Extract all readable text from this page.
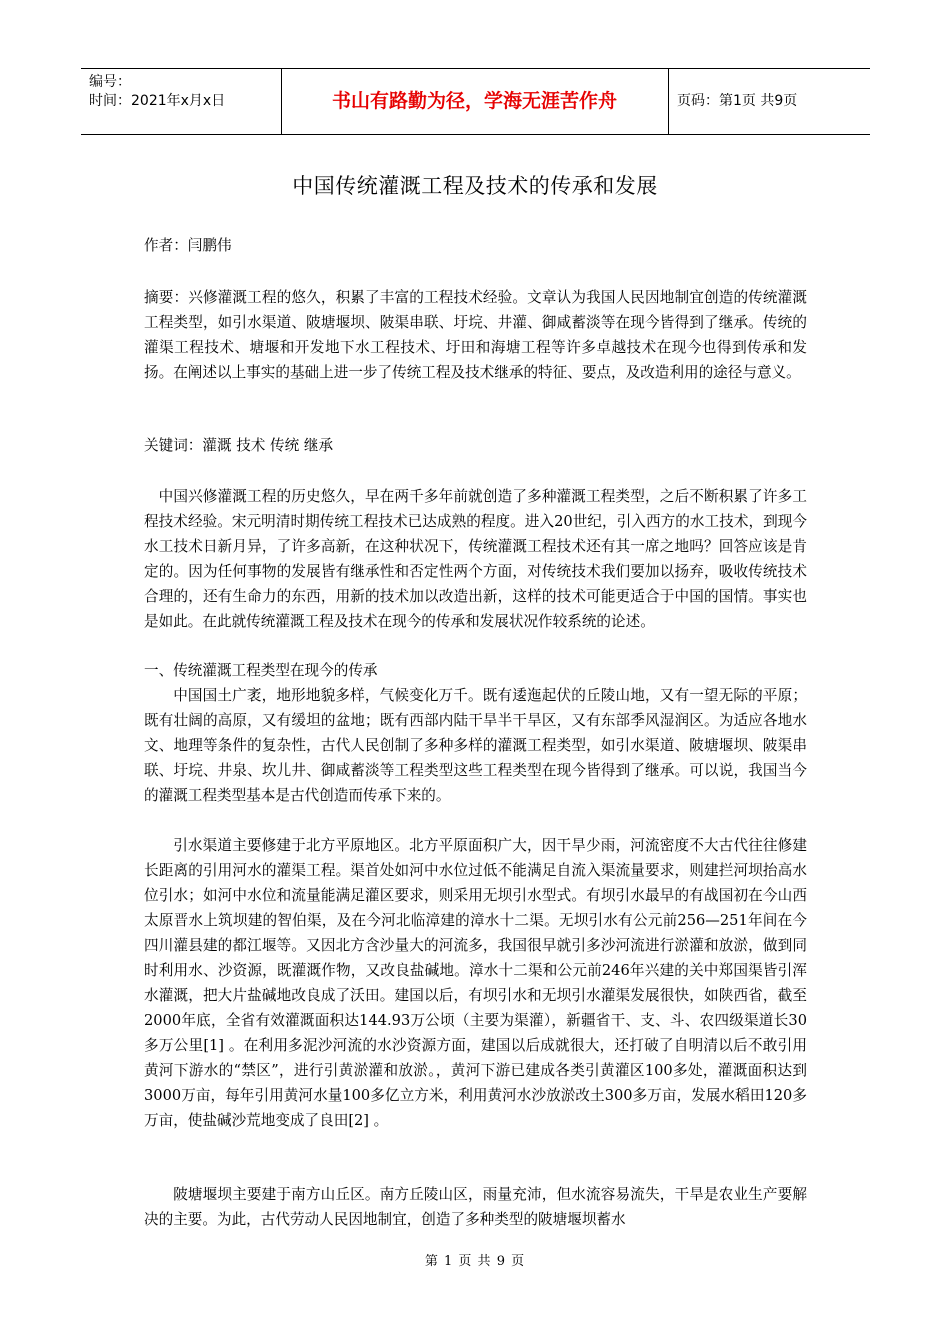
编号：
时间：2021年x月x日	书山有路勤为径，学海无涯苦作舟	页码：第1页 共9页
中国传统灌溉工程及技术的传承和发展

作者：闫鹏伟

摘要：兴修灌溉工程的悠久，积累了丰富的工程技术经验。文章认为我国人民因地制宜创造的传统灌溉工程类型，如引水渠道、陂塘堰坝、陂渠串联、圩垸、井灌、御咸蓄淡等在现今皆得到了继承。传统的灌渠工程技术、塘堰和开发地下水工程技术、圩田和海塘工程等许多卓越技术在现今也得到传承和发扬。在阐述以上事实的基础上进一步了传统工程及技术继承的特征、要点，及改造利用的途径与意义。

关键词：灌溉 技术 传统 继承

中国兴修灌溉工程的历史悠久，早在两千多年前就创造了多种灌溉工程类型，之后不断积累了许多工程技术经验。宋元明清时期传统工程技术已达成熟的程度。进入20世纪，引入西方的水工技术，到现今水工技术日新月异，了许多高新，在这种状况下，传统灌溉工程技术还有其一席之地吗？回答应该是肯定的。因为任何事物的发展皆有继承性和否定性两个方面，对传统技术我们要加以扬弃，吸收传统技术合理的，还有生命力的东西，用新的技术加以改造出新，这样的技术可能更适合于中国的国情。事实也是如此。在此就传统灌溉工程及技术在现今的传承和发展状况作较系统的论述。

一、传统灌溉工程类型在现今的传承

中国国土广袤，地形地貌多样，气候变化万千。既有逶迤起伏的丘陵山地，又有一望无际的平原；既有壮阔的高原，又有缓坦的盆地；既有西部内陆干旱半干旱区，又有东部季风湿润区。为适应各地水文、地理等条件的复杂性，古代人民创制了多种多样的灌溉工程类型，如引水渠道、陂塘堰坝、陂渠串联、圩垸、井泉、坎儿井、御咸蓄淡等工程类型这些工程类型在现今皆得到了继承。可以说，我国当今的灌溉工程类型基本是古代创造而传承下来的。

引水渠道主要修建于北方平原地区。北方平原面积广大，因干旱少雨，河流密度不大古代往往修建长距离的引用河水的灌渠工程。渠首处如河中水位过低不能满足自流入渠流量要求，则建拦河坝抬高水位引水；如河中水位和流量能满足灌区要求，则采用无坝引水型式。有坝引水最早的有战国初在今山西太原晋水上筑坝建的智伯渠，及在今河北临漳建的漳水十二渠。无坝引水有公元前256—251年间在今四川灌县建的都江堰等。又因北方含沙量大的河流多，我国很早就引多沙河流进行淤灌和放淤，做到同时利用水、沙资源，既灌溉作物，又改良盐碱地。漳水十二渠和公元前246年兴建的关中郑国渠皆引浑水灌溉，把大片盐碱地改良成了沃田。建国以后，有坝引水和无坝引水灌渠发展很快，如陕西省，截至2000年底，全省有效灌溉面积达144.93万公顷（主要为渠灌），新疆省干、支、斗、农四级渠道长30多万公里[1] 。在利用多泥沙河流的水沙资源方面，建国以后成就很大，还打破了自明清以后不敢引用黄河下游水的“禁区”，进行引黄淤灌和放淤。，黄河下游已建成各类引黄灌区100多处，灌溉面积达到3000万亩，每年引用黄河水量100多亿立方米，利用黄河水沙放淤改土300多万亩，发展水稻田120多万亩，使盐碱沙荒地变成了良田[2] 。

陂塘堰坝主要建于南方山丘区。南方丘陵山区，雨量充沛，但水流容易流失，干旱是农业生产要解决的主要。为此，古代劳动人民因地制宜，创造了多种类型的陂塘堰坝蓄水

第 1 页 共 9 页
